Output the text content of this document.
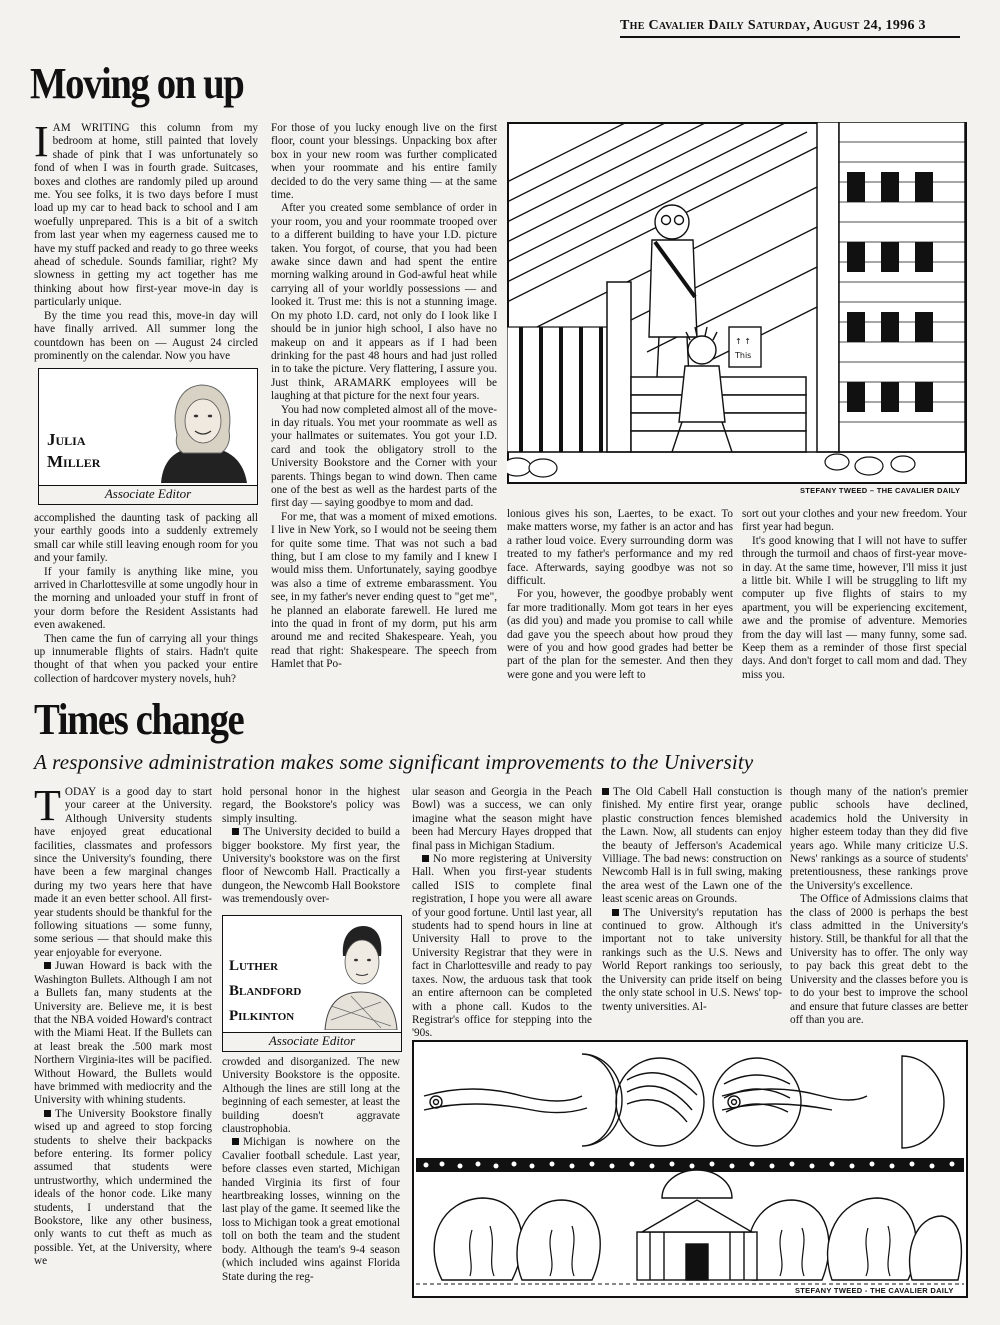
The Cavalier Daily Saturday, August 24, 1996 3
Moving on up

IAM WRITING this column from my bedroom at home, still painted that lovely shade of pink that I was unfortunately so fond of when I was in fourth grade. Suitcases, boxes and clothes are randomly piled up around me. You see folks, it is two days before I must load up my car to head back to school and I am woefully unprepared. This is a bit of a switch from last year when my eagerness caused me to have my stuff packed and ready to go three weeks ahead of schedule. Sounds familiar, right? My slowness in getting my act together has me thinking about how first-year move-in day is particularly unique.

By the time you read this, move-in day will have finally arrived. All summer long the countdown has been on — August 24 circled prominently on the calendar. Now you have

Julia
Miller
Associate Editor

accomplished the daunting task of packing all your earthly goods into a suddenly extremely small car while still leaving enough room for you and your family.

If your family is anything like mine, you arrived in Charlottesville at some ungodly hour in the morning and unloaded your stuff in front of your dorm before the Resident Assistants had even awakened.

Then came the fun of carrying all your things up innumerable flights of stairs. Hadn't quite thought of that when you packed your entire collection of hardcover mystery novels, huh?

For those of you lucky enough live on the first floor, count your blessings. Unpacking box after box in your new room was further complicated when your roommate and his entire family decided to do the very same thing — at the same time.

After you created some semblance of order in your room, you and your roommate trooped over to a different building to have your I.D. picture taken. You forgot, of course, that you had been awake since dawn and had spent the entire morning walking around in God-awful heat while carrying all of your worldly possessions — and looked it. Trust me: this is not a stunning image. On my photo I.D. card, not only do I look like I should be in junior high school, I also have no makeup on and it appears as if I had been drinking for the past 48 hours and had just rolled in to take the picture. Very flattering, I assure you. Just think, ARAMARK employees will be laughing at that picture for the next four years.

You had now completed almost all of the move-in day rituals. You met your roommate as well as your hallmates or suitemates. You got your I.D. card and took the obligatory stroll to the University Bookstore and the Corner with your parents. Things began to wind down. Then came one of the best as well as the hardest parts of the first day — saying goodbye to mom and dad.

For me, that was a moment of mixed emotions. I live in New York, so I would not be seeing them for quite some time. That was not such a bad thing, but I am close to my family and I knew I would miss them. Unfortunately, saying goodbye was also a time of extreme embarassment. You see, in my father's never ending quest to "get me", he planned an elaborate farewell. He lured me into the quad in front of my dorm, put his arm around me and recited Shakespeare. Yeah, you read that right: Shakespeare. The speech from Hamlet that Po-

↑ ↑
This
STEFANY TWEED – THE CAVALIER DAILY

lonious gives his son, Laertes, to be exact. To make matters worse, my father is an actor and has a rather loud voice. Every surrounding dorm was treated to my father's performance and my red face. Afterwards, saying goodbye was not so difficult.

For you, however, the goodbye probably went far more traditionally. Mom got tears in her eyes (as did you) and made you promise to call while dad gave you the speech about how proud they were of you and how good grades had better be part of the plan for the semester. And then they were gone and you were left to

sort out your clothes and your new freedom. Your first year had begun.

It's good knowing that I will not have to suffer through the turmoil and chaos of first-year move-in day. At the same time, however, I'll miss it just a little bit. While I will be struggling to lift my computer up five flights of stairs to my apartment, you will be experiencing excitement, awe and the promise of adventure. Memories from the day will last — many funny, some sad. Keep them as a reminder of those first special days. And don't forget to call mom and dad. They miss you.

Times change
A responsive administration makes some significant improvements to the University

TODAY is a good day to start your career at the University. Although University students have enjoyed great educational facilities, classmates and professors since the University's founding, there have been a few marginal changes during my two years here that have made it an even better school. All first-year students should be thankful for the following situations — some funny, some serious — that should make this year enjoyable for everyone.

Juwan Howard is back with the Washington Bullets. Although I am not a Bullets fan, many students at the University are. Believe me, it is best that the NBA voided Howard's contract with the Miami Heat. If the Bullets can at least break the .500 mark most Northern Virginia-ites will be pacified. Without Howard, the Bullets would have brimmed with mediocrity and the University with whining students.

The University Bookstore finally wised up and agreed to stop forcing students to shelve their backpacks before entering. Its former policy assumed that students were untrustworthy, which undermined the ideals of the honor code. Like many students, I understand that the Bookstore, like any other business, only wants to cut theft as much as possible. Yet, at the University, where we

hold personal honor in the highest regard, the Bookstore's policy was simply insulting.

The University decided to build a bigger bookstore. My first year, the University's bookstore was on the first floor of Newcomb Hall. Practically a dungeon, the Newcomb Hall Bookstore was tremendously over-

Luther
Blandford
Pilkinton
Associate Editor

crowded and disorganized. The new University Bookstore is the opposite. Although the lines are still long at the beginning of each semester, at least the building doesn't aggravate claustrophobia.

Michigan is nowhere on the Cavalier football schedule. Last year, before classes even started, Michigan handed Virginia its first of four heartbreaking losses, winning on the last play of the game. It seemed like the loss to Michigan took a great emotional toll on both the team and the student body. Although the team's 9-4 season (which included wins against Florida State during the reg-

ular season and Georgia in the Peach Bowl) was a success, we can only imagine what the season might have been had Mercury Hayes dropped that final pass in Michigan Stadium.

No more registering at University Hall. When you first-year students called ISIS to complete final registration, I hope you were all aware of your good fortune. Until last year, all students had to spend hours in line at University Hall to prove to the University Registrar that they were in fact in Charlottesville and ready to pay taxes. Now, the arduous task that took an entire afternoon can be completed with a phone call. Kudos to the Registrar's office for stepping into the '90s.

The Old Cabell Hall constuction is finished. My entire first year, orange plastic construction fences blemished the Lawn. Now, all students can enjoy the beauty of Jefferson's Academical Villiage. The bad news: construction on Newcomb Hall is in full swing, making the area west of the Lawn one of the least scenic areas on Grounds.

The University's reputation has continued to grow. Although it's important not to take university rankings such as the U.S. News and World Report rankings too seriously, the University can pride itself on being the only state school in U.S. News' top-twenty universities. Al-

though many of the nation's premier public schools have declined, academics hold the University in higher esteem today than they did five years ago. While many criticize U.S. News' rankings as a source of students' pretentiousness, these rankings prove the University's excellence.

The Office of Admissions claims that the class of 2000 is perhaps the best class admitted in the University's history. Still, be thankful for all that the University has to offer. The only way to pay back this great debt to the University and the classes before you is to do your best to improve the school and ensure that future classes are better off than you are.

STEFANY TWEED - THE CAVALIER DAILY
